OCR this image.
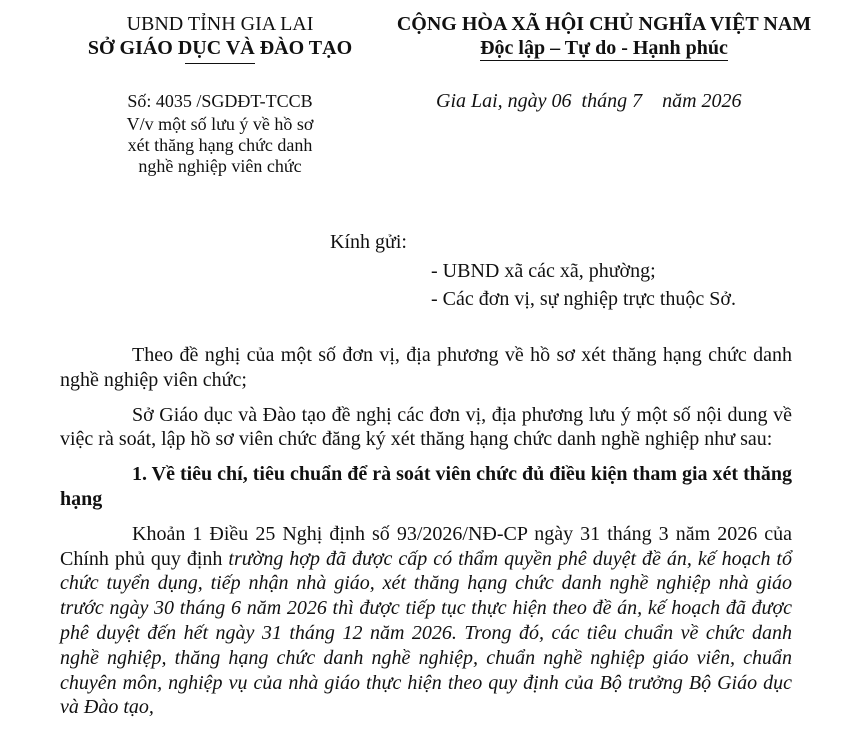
UBND TỈNH GIA LAI
SỞ GIÁO DỤC VÀ ĐÀO TẠO
CỘNG HÒA XÃ HỘI CHỦ NGHĨA VIỆT NAM
Độc lập – Tự do - Hạnh phúc
Số: 4035 /SGDĐT-TCCB
V/v một số lưu ý về hồ sơ
xét thăng hạng chức danh
nghề nghiệp viên chức
Gia Lai, ngày 06  tháng 7    năm 2026
Kính gửi:
- UBND xã các xã, phường;
- Các đơn vị, sự nghiệp trực thuộc Sở.

Theo đề nghị của một số đơn vị, địa phương về hồ sơ xét thăng hạng chức danh nghề nghiệp viên chức;

Sở Giáo dục và Đào tạo đề nghị các đơn vị, địa phương lưu ý một số nội dung về việc rà soát, lập hồ sơ viên chức đăng ký xét thăng hạng chức danh nghề nghiệp như sau:

1. Về tiêu chí, tiêu chuẩn để rà soát viên chức đủ điều kiện tham gia xét thăng hạng

Khoản 1 Điều 25 Nghị định số 93/2026/NĐ-CP ngày 31 tháng 3 năm 2026 của Chính phủ quy định trường hợp đã được cấp có thẩm quyền phê duyệt đề án, kế hoạch tổ chức tuyển dụng, tiếp nhận nhà giáo, xét thăng hạng chức danh nghề nghiệp nhà giáo trước ngày 30 tháng 6 năm 2026 thì được tiếp tục thực hiện theo đề án, kế hoạch đã được phê duyệt đến hết ngày 31 tháng 12 năm 2026. Trong đó, các tiêu chuẩn về chức danh nghề nghiệp, thăng hạng chức danh nghề nghiệp, chuẩn nghề nghiệp giáo viên, chuẩn chuyên môn, nghiệp vụ của nhà giáo thực hiện theo quy định của Bộ trưởng Bộ Giáo dục và Đào tạo,
